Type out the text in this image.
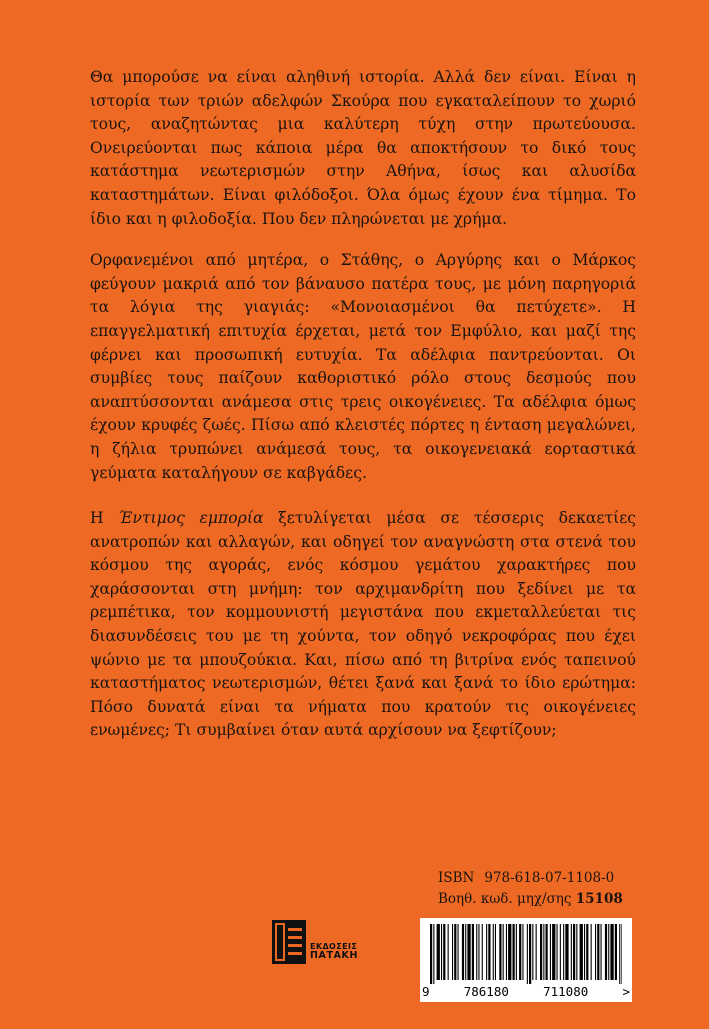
Θα μπορούσε να είναι αληθινή ιστορία. Αλλά δεν είναι. Είναι η ιστορία των τριών αδελφών Σκούρα που εγκαταλείπουν το χωριό τους, αναζητώντας μια καλύτερη τύχη στην πρωτεύουσα. Ονειρεύονται πως κάποια μέρα θα αποκτήσουν το δικό τους κατάστημα νεωτερισμών στην Αθήνα, ίσως και αλυσίδα καταστημάτων. Είναι φιλόδοξοι. Όλα όμως έχουν ένα τίμημα. Το ίδιο και η φιλοδοξία. Που δεν πληρώνεται με χρήμα.

Ορφανεμένοι από μητέρα, ο Στάθης, ο Αργύρης και ο Μάρκος φεύγουν μακριά από τον βάναυσο πατέρα τους, με μόνη παρηγοριά τα λόγια της γιαγιάς: «Μονοιασμένοι θα πετύχετε». Η επαγγελματική επιτυχία έρχεται, μετά τον Εμφύλιο, και μαζί της φέρνει και προσωπική ευτυχία. Τα αδέλφια παντρεύονται. Οι συμβίες τους παίζουν καθοριστικό ρόλο στους δεσμούς που αναπτύσσονται ανάμεσα στις τρεις οικογένειες. Τα αδέλφια όμως έχουν κρυφές ζωές. Πίσω από κλειστές πόρτες η ένταση μεγαλώνει, η ζήλια τρυπώνει ανάμεσά τους, τα οικογενειακά εορταστικά γεύματα καταλήγουν σε καβγάδες.

Η Έντιμος εμπορία ξετυλίγεται μέσα σε τέσσερις δεκαετίες ανατροπών και αλλαγών, και οδηγεί τον αναγνώστη στα στενά του κόσμου της αγοράς, ενός κόσμου γεμάτου χαρακτήρες που χαράσσονται στη μνήμη: τον αρχιμανδρίτη που ξεδίνει με τα ρεμπέτικα, τον κομμουνιστή μεγιστάνα που εκμεταλλεύεται τις διασυνδέσεις του με τη χούντα, τον οδηγό νεκροφόρας που έχει ψώνιο με τα μπουζούκια. Και, πίσω από τη βιτρίνα ενός ταπεινού καταστήματος νεωτερισμών, θέτει ξανά και ξανά το ίδιο ερώτημα: Πόσο δυνατά είναι τα νήματα που κρατούν τις οικογένειες ενωμένες; Τι συμβαίνει όταν αυτά αρχίσουν να ξεφτίζουν;

ISBN 978-618-07-1108-0
Βοηθ. κωδ. μηχ/σης 15108
ΕΚΔΟΣΕΙΣ
ΠΑΤΑΚΗ
9	786180	711080	>
